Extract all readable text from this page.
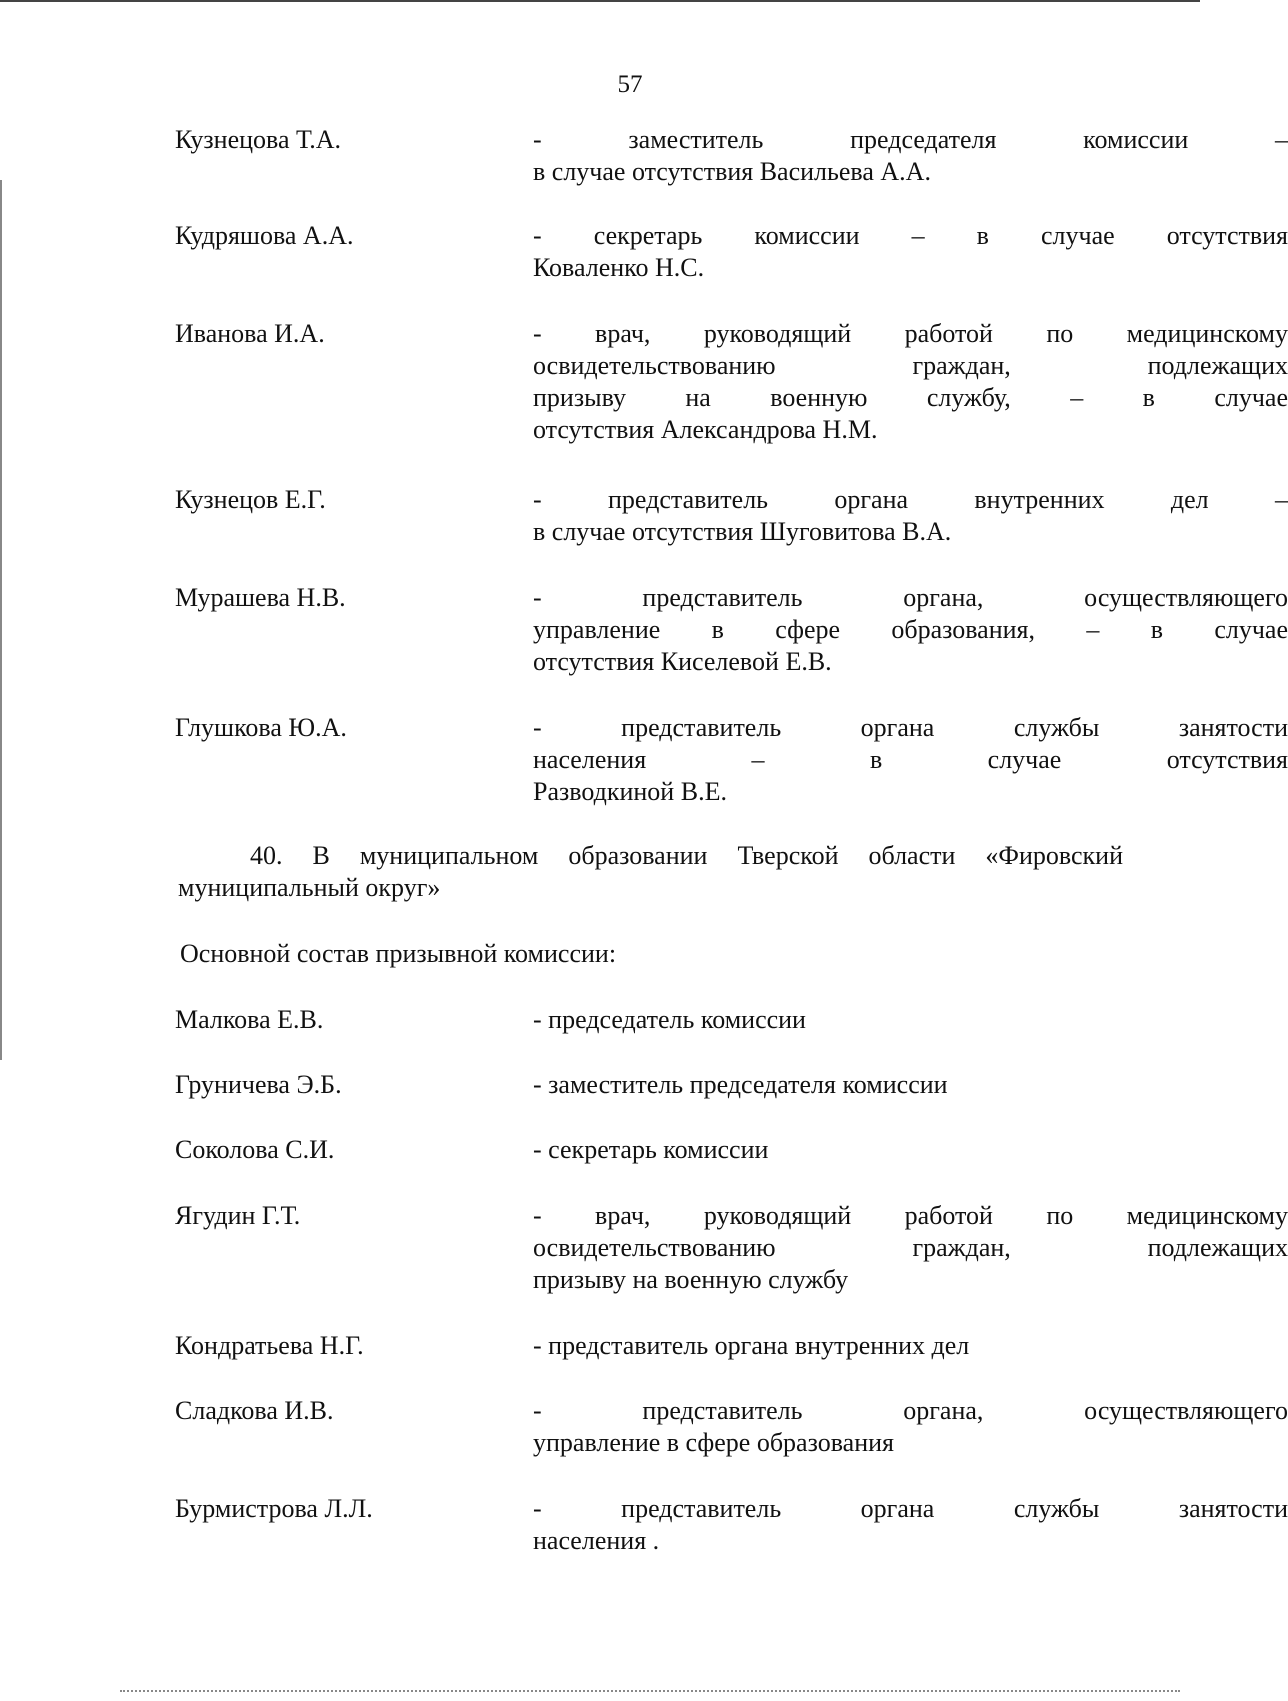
57
Кузнецова Т.А.	- заместитель председателя комиссии –
в случае отсутствия Васильева А.А.
Кудряшова А.А.	- секретарь комиссии – в случае отсутствия
Коваленко Н.С.
Иванова И.А.	- врач, руководящий работой по медицинскому
освидетельствованию граждан, подлежащих
призыву на военную службу, – в случае
отсутствия Александрова Н.М.
Кузнецов Е.Г.	- представитель органа внутренних дел –
в случае отсутствия Шуговитова В.А.
Мурашева Н.В.	- представитель органа, осуществляющего
управление в сфере образования, – в случае
отсутствия Киселевой Е.В.
Глушкова Ю.А.	- представитель органа службы занятости
населения – в случае отсутствия
Разводкиной В.Е.
40. В муниципальном образовании Тверской области «Фировский
муниципальный округ»
Основной состав призывной комиссии:
Малкова Е.В.	- председатель комиссии
Груничева Э.Б.	- заместитель председателя комиссии
Соколова С.И.	- секретарь комиссии
Ягудин Г.Т.	- врач, руководящий работой по медицинскому
освидетельствованию граждан, подлежащих
призыву на военную службу
Кондратьева Н.Г.	- представитель органа внутренних дел
Сладкова И.В.	- представитель органа, осуществляющего
управление в сфере образования
Бурмистрова Л.Л.	- представитель органа службы занятости
населения .
